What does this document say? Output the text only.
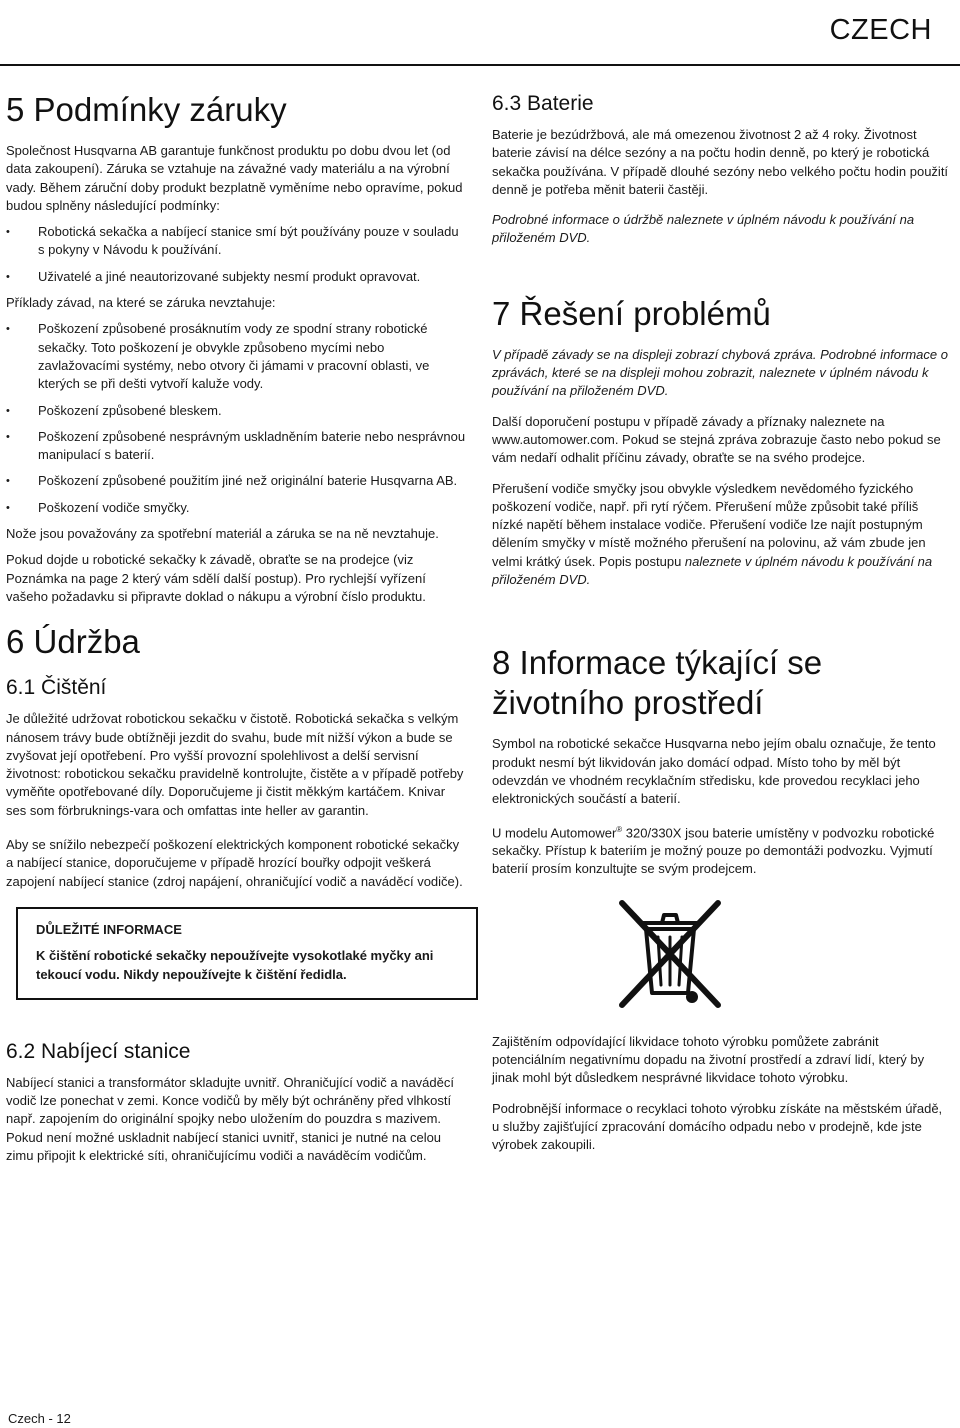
CZECH
5 Podmínky záruky

Společnost Husqvarna AB garantuje funkčnost produktu po dobu dvou let (od data zakoupení). Záruka se vztahuje na závažné vady materiálu a na výrobní vady. Během záruční doby produkt bezplatně vyměníme nebo opravíme, pokud budou splněny následující podmínky:

• Robotická sekačka a nabíjecí stanice smí být používány pouze v souladu s pokyny v Návodu k používání.
• Uživatelé a jiné neautorizované subjekty nesmí produkt opravovat.

Příklady závad, na které se záruka nevztahuje:

• Poškození způsobené prosáknutím vody ze spodní strany robotické sekačky. Toto poškození je obvykle způsobeno mycími nebo zavlažovacími systémy, nebo otvory či jámami v pracovní oblasti, ve kterých se při dešti vytvoří kaluže vody.
• Poškození způsobené bleskem.
• Poškození způsobené nesprávným uskladněním baterie nebo nesprávnou manipulací s baterií.
• Poškození způsobené použitím jiné než originální baterie Husqvarna AB.
• Poškození vodiče smyčky.

Nože jsou považovány za spotřební materiál a záruka se na ně nevztahuje.

Pokud dojde u robotické sekačky k závadě, obraťte se na prodejce (viz Poznámka na page 2 který vám sdělí další postup). Pro rychlejší vyřízení vašeho požadavku si připravte doklad o nákupu a výrobní číslo produktu.

6 Údržba
6.1 Čištění

Je důležité udržovat robotickou sekačku v čistotě. Robotická sekačka s velkým nánosem trávy bude obtížněji jezdit do svahu, bude mít nižší výkon a bude se zvyšovat její opotřebení. Pro vyšší provozní spolehlivost a delší servisní životnost: robotickou sekačku pravidelně kontrolujte, čistěte a v případě potřeby vyměňte opotřebované díly. Doporučujeme ji čistit měkkým kartáčem. Knivar ses som förbruknings-vara och omfattas inte heller av garantin.

Aby se snížilo nebezpečí poškození elektrických komponent robotické sekačky a nabíjecí stanice, doporučujeme v případě hrozící bouřky odpojit veškerá zapojení nabíjecí stanice (zdroj napájení, ohraničující vodič a naváděcí vodiče).

DŮLEŽITÉ INFORMACE
K čištění robotické sekačky nepoužívejte vysokotlaké myčky ani tekoucí vodu. Nikdy nepoužívejte k čištění ředidla.
6.2 Nabíjecí stanice

Nabíjecí stanici a transformátor skladujte uvnitř. Ohraničující vodič a naváděcí vodič lze ponechat v zemi. Konce vodičů by měly být ochráněny před vlhkostí např. zapojením do originální spojky nebo uložením do pouzdra s mazivem. Pokud není možné uskladnit nabíjecí stanici uvnitř, stanici je nutné na celou zimu připojit k elektrické síti, ohraničujícímu vodiči a naváděcím vodičům.

6.3 Baterie

Baterie je bezúdržbová, ale má omezenou životnost 2 až 4 roky. Životnost baterie závisí na délce sezóny a na počtu hodin denně, po který je robotická sekačka používána. V případě dlouhé sezóny nebo velkého počtu hodin použití denně je potřeba měnit baterii častěji.

Podrobné informace o údržbě naleznete v úplném návodu k používání na přiloženém DVD.

7 Řešení problémů

V případě závady se na displeji zobrazí chybová zpráva. Podrobné informace o zprávách, které se na displeji mohou zobrazit, naleznete v úplném návodu k používání na přiloženém DVD.

Další doporučení postupu v případě závady a příznaky naleznete na www.automower.com. Pokud se stejná zpráva zobrazuje často nebo pokud se vám nedaří odhalit příčinu závady, obraťte se na svého prodejce.

Přerušení vodiče smyčky jsou obvykle výsledkem nevědomého fyzického poškození vodiče, např. při rytí rýčem. Přerušení může způsobit také příliš nízké napětí během instalace vodiče. Přerušení vodiče lze najít postupným dělením smyčky v místě možného přerušení na polovinu, až vám zbude jen velmi krátký úsek. Popis postupu naleznete v úplném návodu k používání na přiloženém DVD.

8 Informace týkající se životního prostředí

Symbol na robotické sekačce Husqvarna nebo jejím obalu označuje, že tento produkt nesmí být likvidován jako domácí odpad. Místo toho by měl být odevzdán ve vhodném recyklačním středisku, kde provedou recyklaci jeho elektronických součástí a baterií.

U modelu Automower® 320/330X jsou baterie umístěny v podvozku robotické sekačky. Přístup k bateriím je možný pouze po demontáži podvozku. Vyjmutí baterií prosím konzultujte se svým prodejcem.

Zajištěním odpovídající likvidace tohoto výrobku pomůžete zabránit potenciálním negativnímu dopadu na životní prostředí a zdraví lidí, který by jinak mohl být důsledkem nesprávné likvidace tohoto výrobku.

Podrobnější informace o recyklaci tohoto výrobku získáte na městském úřadě, u služby zajišťující zpracování domácího odpadu nebo v prodejně, kde jste výrobek zakoupili.

Czech - 12
